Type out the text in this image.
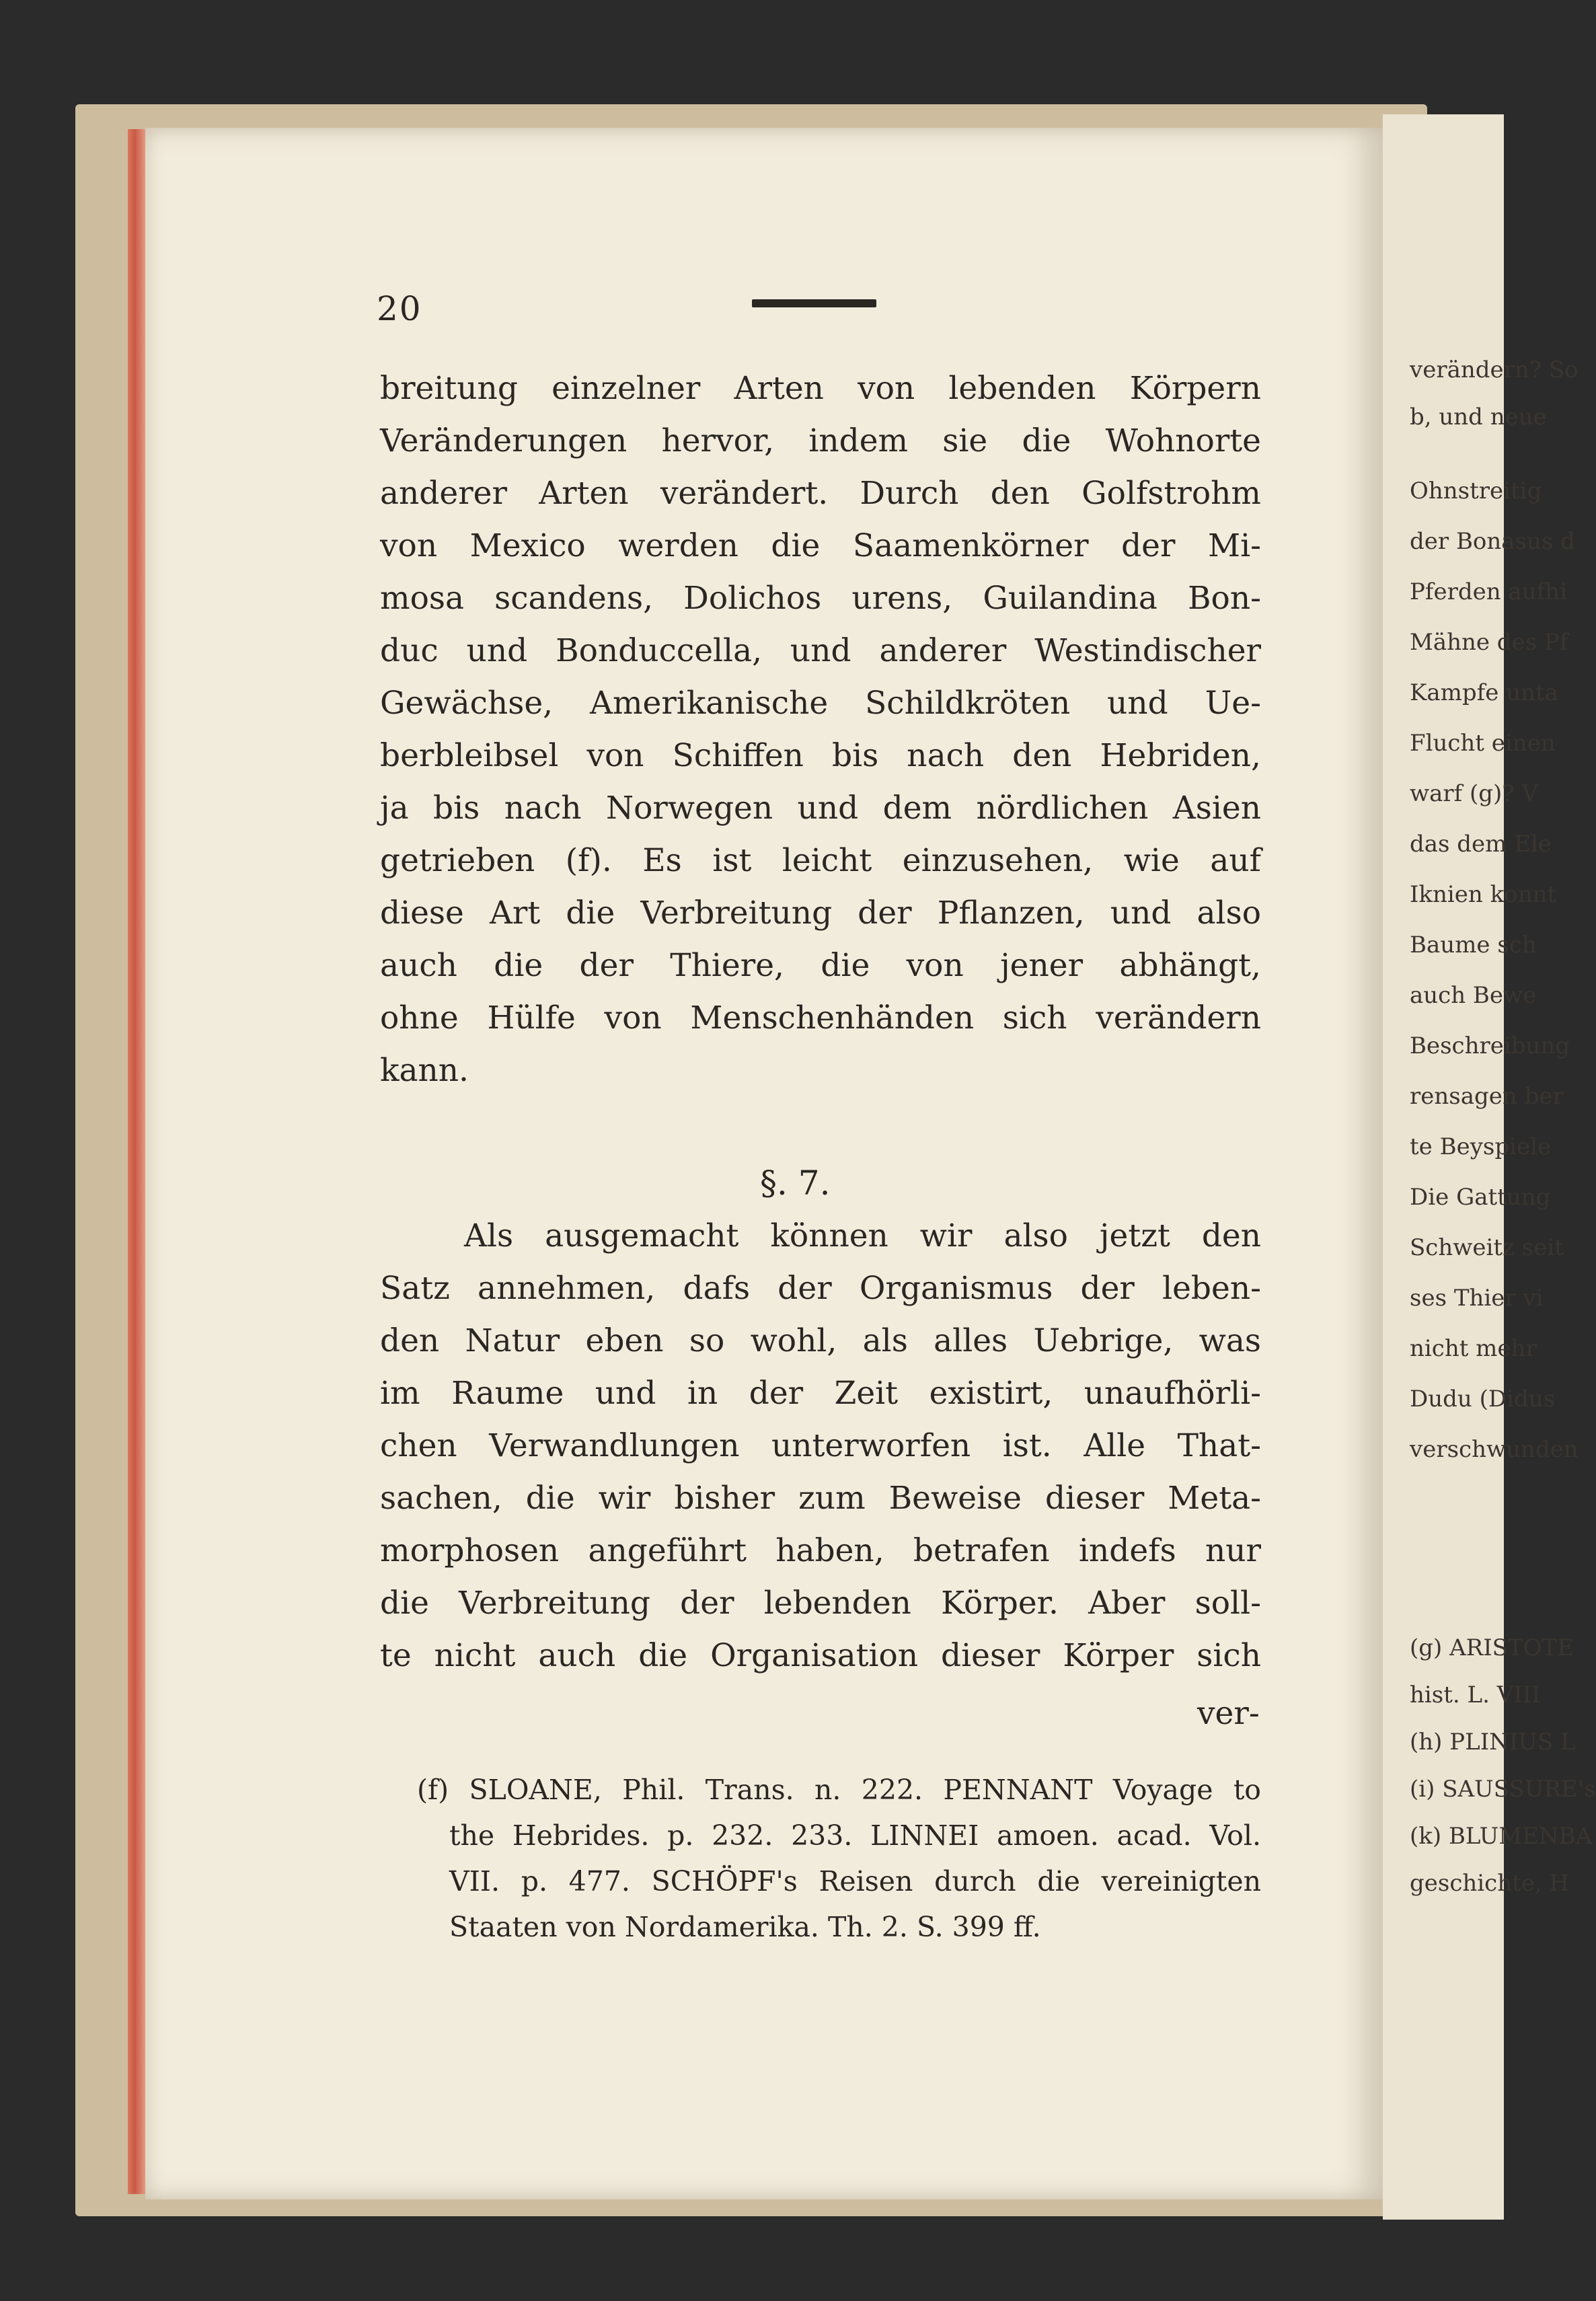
20
breitung einzelner Arten von lebenden Körpern
Veränderungen hervor, indem sie die Wohnorte
anderer Arten verändert. Durch den Golfstrohm
von Mexico werden die Saamenkörner der Mi-
mosa scandens, Dolichos urens, Guilandina Bon-
duc und Bonduccella, und anderer Westindischer
Gewächse, Amerikanische Schildkröten und Ue-
berbleibsel von Schiffen bis nach den Hebriden,
ja bis nach Norwegen und dem nördlichen Asien
getrieben (f). Es ist leicht einzusehen, wie auf
diese Art die Verbreitung der Pflanzen, und also
auch die der Thiere, die von jener abhängt,
ohne Hülfe von Menschenhänden sich verändern
kann.
§. 7.
Als ausgemacht können wir also jetzt den
Satz annehmen, dafs der Organismus der leben-
den Natur eben so wohl, als alles Uebrige, was
im Raume und in der Zeit existirt, unaufhörli-
chen Verwandlungen unterworfen ist. Alle That-
sachen, die wir bisher zum Beweise dieser Meta-
morphosen angeführt haben, betrafen indefs nur
die Verbreitung der lebenden Körper. Aber soll-
te nicht auch die Organisation dieser Körper sich
ver-
(f) SLOANE, Phil. Trans. n. 222. PENNANT Voyage to
the Hebrides. p. 232. 233. LINNEI amoen. acad. Vol.
VII. p. 477. SCHÖPF's Reisen durch die vereinigten
Staaten von Nordamerika. Th. 2. S. 399 ff.
verändern? So
b, und neue
Ohnstreitig
der Bonasus d
Pferden aufhi
Mähne des Pf
Kampfe unta
Flucht einen
warf (g)? V
das dem Ele
Iknien konnt
Baume sch
auch Bewe
Beschreibung
rensagen ber
te Beyspiele
Die Gattung
Schweitz seit
ses Thier vi
nicht mehr
Dudu (Didus
verschwunden
(g) ARISTOTE
hist. L. VIII
(h) PLINIUS L
(i) SAUSSURE's
(k) BLUMENBA
geschichte, H
